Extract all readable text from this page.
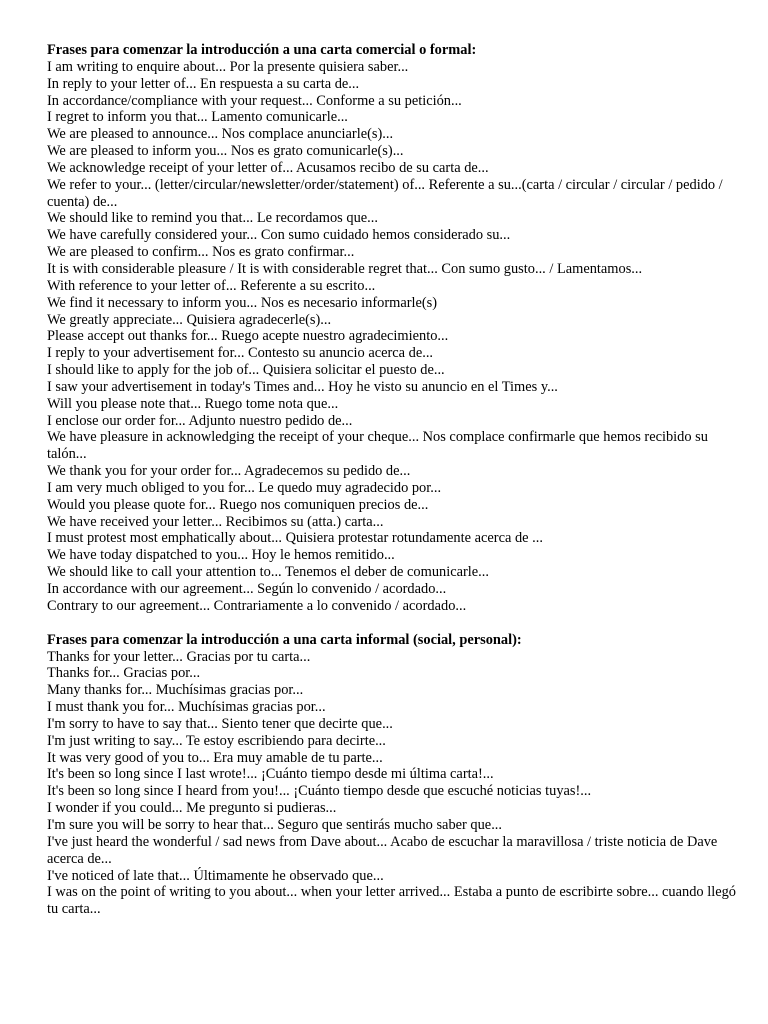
Frases para comenzar la introducción a una carta comercial o formal:

I am writing to enquire about... Por la presente quisiera saber...

In reply to your letter of... En respuesta a su carta de...

In accordance/compliance with your request... Conforme a su petición...

I regret to inform you that... Lamento comunicarle...

We are pleased to announce... Nos complace anunciarle(s)...

We are pleased to inform you... Nos es grato comunicarle(s)...

We acknowledge receipt of your letter of... Acusamos recibo de su carta de...

We refer to your... (letter/circular/newsletter/order/statement) of... Referente a su...(carta / circular / circular / pedido / cuenta) de...

We should like to remind you that... Le recordamos que...

We have carefully considered your... Con sumo cuidado hemos considerado su...

We are pleased to confirm... Nos es grato confirmar...

It is with considerable pleasure / It is with considerable regret that... Con sumo gusto... / Lamentamos...

With reference to your letter of... Referente a su escrito...

We find it necessary to inform you... Nos es necesario informarle(s)

We greatly appreciate... Quisiera agradecerle(s)...

Please accept out thanks for... Ruego acepte nuestro agradecimiento...

I reply to your advertisement for... Contesto su anuncio acerca de...

I should like to apply for the job of... Quisiera solicitar el puesto de...

I saw your advertisement in today's Times and... Hoy he visto su anuncio en el Times y...

Will you please note that... Ruego tome nota que...

I enclose our order for... Adjunto nuestro pedido de...

We have pleasure in acknowledging the receipt of your cheque... Nos complace confirmarle que hemos recibido su talón...

We thank you for your order for... Agradecemos su pedido de...

I am very much obliged to you for... Le quedo muy agradecido por...

Would you please quote for... Ruego nos comuniquen precios de...

We have received your letter... Recibimos su (atta.) carta...

I must protest most emphatically about... Quisiera protestar rotundamente acerca de ...

We have today dispatched to you... Hoy le hemos remitido...

We should like to call your attention to... Tenemos el deber de comunicarle...

In accordance with our agreement... Según lo convenido / acordado...

Contrary to our agreement... Contrariamente a lo convenido / acordado...

Frases para comenzar la introducción a una carta informal (social, personal):

Thanks for your letter... Gracias por tu carta...

Thanks for... Gracias por...

Many thanks for... Muchísimas gracias por...

I must thank you for... Muchísimas gracias por...

I'm sorry to have to say that... Siento tener que decirte que...

I'm just writing to say... Te estoy escribiendo para decirte...

It was very good of you to... Era muy amable de tu parte...

It's been so long since I last wrote!... ¡Cuánto tiempo desde mi última carta!...

It's been so long since I heard from you!... ¡Cuánto tiempo desde que escuché noticias tuyas!...

I wonder if you could... Me pregunto si pudieras...

I'm sure you will be sorry to hear that... Seguro que sentirás mucho saber que...

I've just heard the wonderful / sad news from Dave about... Acabo de escuchar la maravillosa / triste noticia de Dave acerca de...

I've noticed of late that... Últimamente he observado que...

I was on the point of writing to you about... when your letter arrived... Estaba a punto de escribirte sobre... cuando llegó tu carta...
